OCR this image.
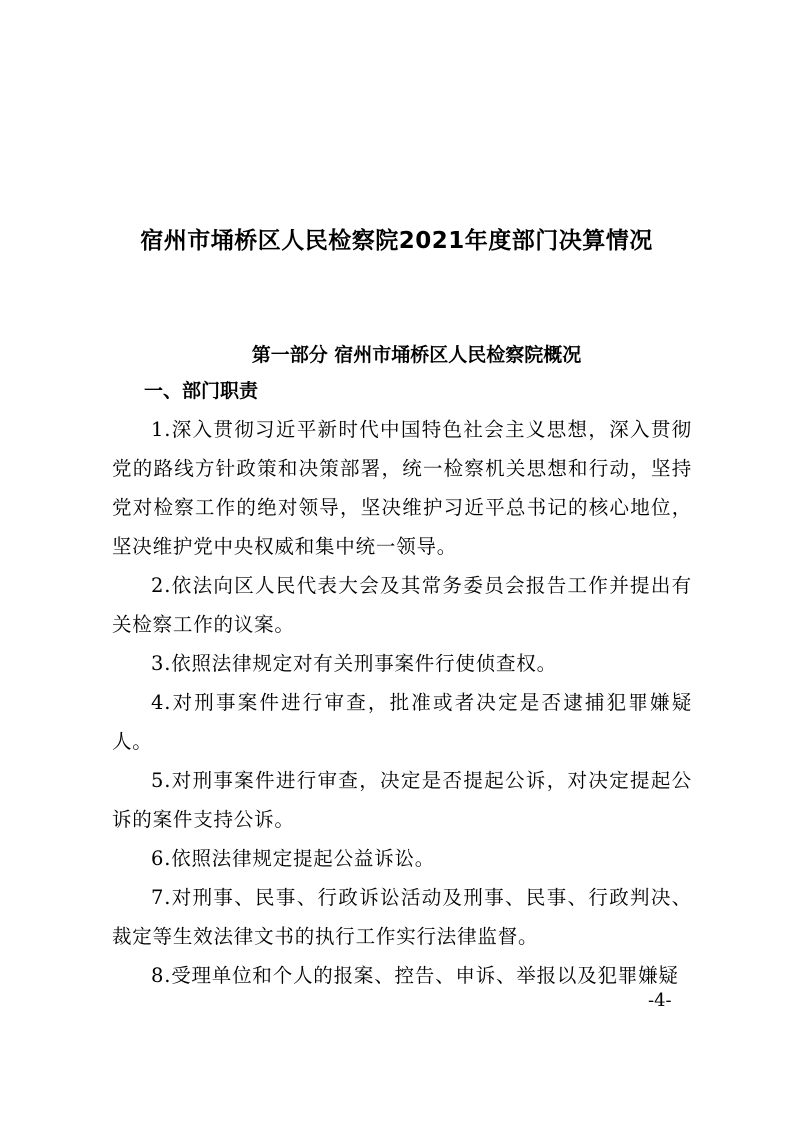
宿州市埇桥区人民检察院2021年度部门决算情况
第一部分 宿州市埇桥区人民检察院概况
一、部门职责

1.深入贯彻习近平新时代中国特色社会主义思想，深入贯彻党的路线方针政策和决策部署，统一检察机关思想和行动，坚持党对检察工作的绝对领导，坚决维护习近平总书记的核心地位，坚决维护党中央权威和集中统一领导。

2.依法向区人民代表大会及其常务委员会报告工作并提出有关检察工作的议案。

3.依照法律规定对有关刑事案件行使侦查权。

4.对刑事案件进行审查，批准或者决定是否逮捕犯罪嫌疑人。

5.对刑事案件进行审查，决定是否提起公诉，对决定提起公诉的案件支持公诉。

6.依照法律规定提起公益诉讼。

7.对刑事、民事、行政诉讼活动及刑事、民事、行政判决、裁定等生效法律文书的执行工作实行法律监督。

8.受理单位和个人的报案、控告、申诉、举报以及犯罪嫌疑

-4-
